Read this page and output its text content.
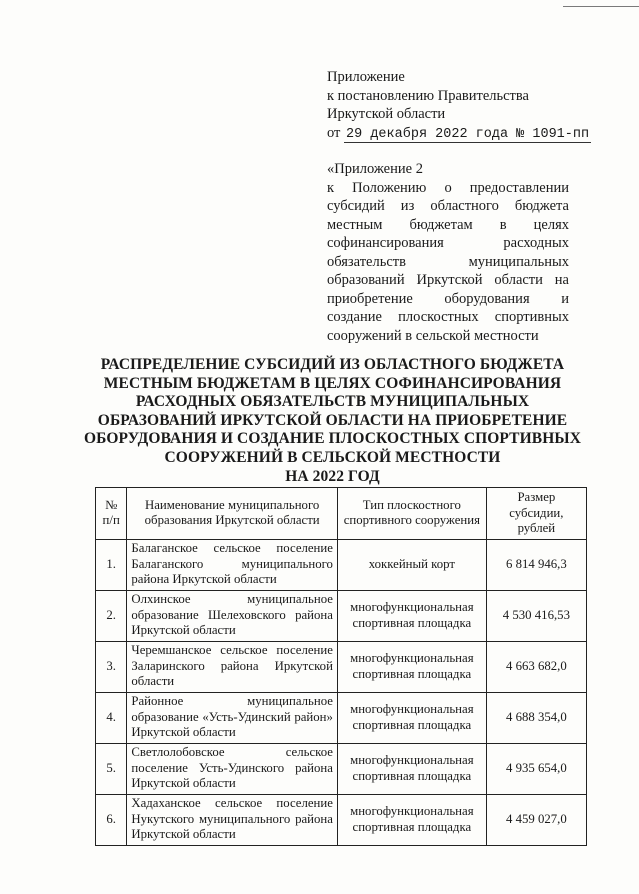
Приложение
к постановлению Правительства
Иркутской области
от 29 декабря 2022 года № 1091-пп
«Приложение 2
к Положению о предоставлении субсидий из областного бюджета местным бюджетам в целях софинансирования расходных обязательств муниципальных образований Иркутской области на приобретение оборудования и создание плоскостных спортивных сооружений в сельской местности
РАСПРЕДЕЛЕНИЕ СУБСИДИЙ ИЗ ОБЛАСТНОГО БЮДЖЕТА
МЕСТНЫМ БЮДЖЕТАМ В ЦЕЛЯХ СОФИНАНСИРОВАНИЯ
РАСХОДНЫХ ОБЯЗАТЕЛЬСТВ МУНИЦИПАЛЬНЫХ
ОБРАЗОВАНИЙ ИРКУТСКОЙ ОБЛАСТИ НА ПРИОБРЕТЕНИЕ
ОБОРУДОВАНИЯ И СОЗДАНИЕ ПЛОСКОСТНЫХ СПОРТИВНЫХ
СООРУЖЕНИЙ В СЕЛЬСКОЙ МЕСТНОСТИ
НА 2022 ГОД
№ п/п	Наименование муниципального образования Иркутской области	Тип плоскостного спортивного сооружения	Размер субсидии, рублей
1.	Балаганское сельское поселение Балаганского муниципального района Иркутской области	хоккейный корт	6 814 946,3
2.	Олхинское муниципальное образование Шелеховского района Иркутской области	многофункциональная спортивная площадка	4 530 416,53
3.	Черемшанское сельское поселение Заларинского района Иркутской области	многофункциональная спортивная площадка	4 663 682,0
4.	Районное муниципальное образование «Усть-Удинский район» Иркутской области	многофункциональная спортивная площадка	4 688 354,0
5.	Светлолобовское сельское поселение Усть-Удинского района Иркутской области	многофункциональная спортивная площадка	4 935 654,0
6.	Хадаханское сельское поселение Нукутского муниципального района Иркутской области	многофункциональная спортивная площадка	4 459 027,0
